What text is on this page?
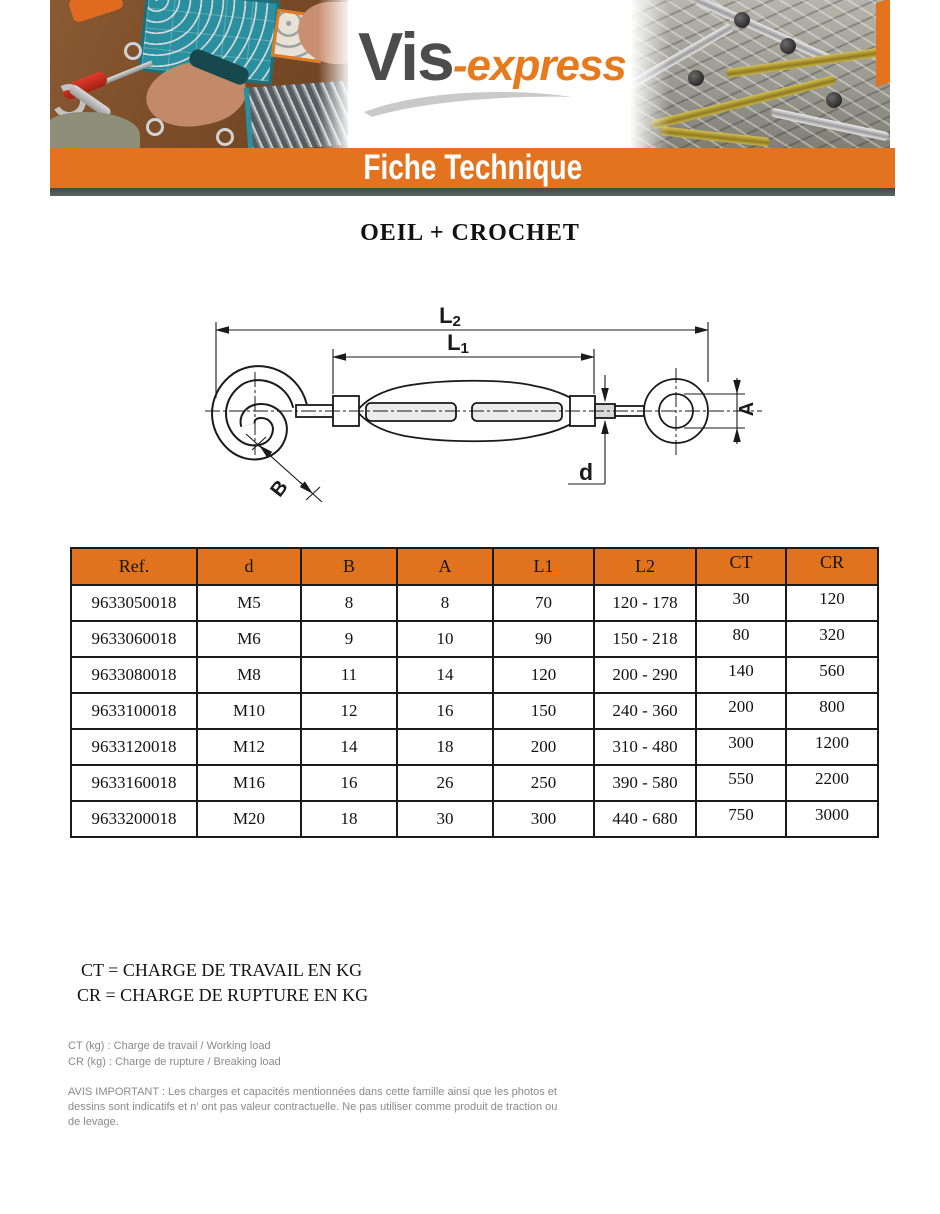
Vis-express
Fiche Technique
OEIL + CROCHET
L2
L1
B
d
A
Ref.	d	B	A	L1	L2	CT	CR
9633050018	M5	8	8	70	120 - 178	30	120
9633060018	M6	9	10	90	150 - 218	80	320
9633080018	M8	11	14	120	200 - 290	140	560
9633100018	M10	12	16	150	240 - 360	200	800
9633120018	M12	14	18	200	310 - 480	300	1200
9633160018	M16	16	26	250	390 - 580	550	2200
9633200018	M20	18	30	300	440 - 680	750	3000
CT = CHARGE DE TRAVAIL EN KG
CR = CHARGE DE RUPTURE EN KG
CT (kg) : Charge de travail / Working load
CR (kg) : Charge de rupture / Breaking load
AVIS IMPORTANT : Les charges et capacités mentionnées dans cette famille ainsi que les photos et
dessins sont indicatifs et n' ont pas valeur contractuelle. Ne pas utiliser comme produit de traction ou
de levage.
